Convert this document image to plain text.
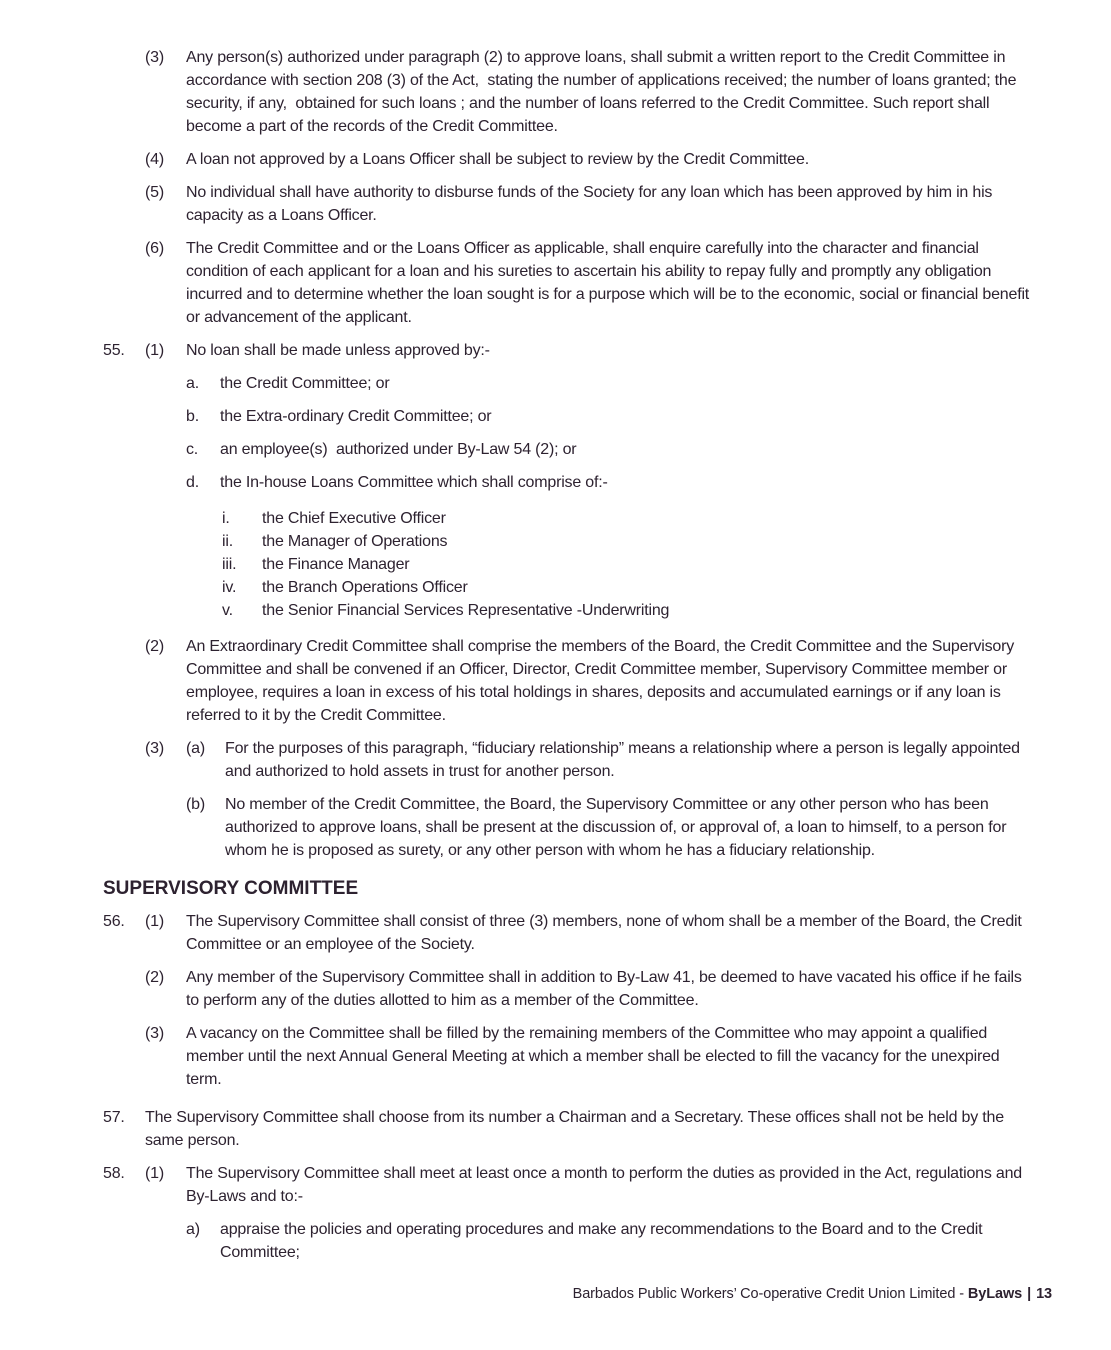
(3)	Any person(s) authorized under paragraph (2) to approve loans, shall submit a written report to the Credit Committee in accordance with section 208 (3) of the Act,  stating the number of applications received; the number of loans granted; the security, if any,  obtained for such loans ; and the number of loans referred to the Credit Committee. Such report shall become a part of the records of the Credit Committee.
(4)	A loan not approved by a Loans Officer shall be subject to review by the Credit Committee.
(5)	No individual shall have authority to disburse funds of the Society for any loan which has been approved by him in his capacity as a Loans Officer.
(6)	The Credit Committee and or the Loans Officer as applicable, shall enquire carefully into the character and financial condition of each applicant for a loan and his sureties to ascertain his ability to repay fully and promptly any obligation incurred and to determine whether the loan sought is for a purpose which will be to the economic, social or financial benefit or advancement of the applicant.
55.	(1)	No loan shall be made unless approved by:-
a.	the Credit Committee; or
b.	the Extra-ordinary Credit Committee; or
c.	an employee(s)  authorized under By-Law 54 (2); or
d.	the In-house Loans Committee which shall comprise of:-
i.	the Chief Executive Officer
ii.	the Manager of Operations
iii.	the Finance Manager
iv.	the Branch Operations Officer
v.	the Senior Financial Services Representative -Underwriting
(2)	An Extraordinary Credit Committee shall comprise the members of the Board, the Credit Committee and the Supervisory Committee and shall be convened if an Officer, Director, Credit Committee member, Supervisory Committee member or employee, requires a loan in excess of his total holdings in shares, deposits and accumulated earnings or if any loan is referred to it by the Credit Committee.
(3)	(a)	For the purposes of this paragraph, “fiduciary relationship” means a relationship where a person is legally appointed and authorized to hold assets in trust for another person.
(b)	No member of the Credit Committee, the Board, the Supervisory Committee or any other person who has been authorized to approve loans, shall be present at the discussion of, or approval of, a loan to himself, to a person for whom he is proposed as surety, or any other person with whom he has a fiduciary relationship.
SUPERVISORY COMMITTEE
56.	(1)	The Supervisory Committee shall consist of three (3) members, none of whom shall be a member of the Board, the Credit Committee or an employee of the Society.
(2)	Any member of the Supervisory Committee shall in addition to By-Law 41, be deemed to have vacated his office if he fails to perform any of the duties allotted to him as a member of the Committee.
(3)	A vacancy on the Committee shall be filled by the remaining members of the Committee who may appoint a qualified member until the next Annual General Meeting at which a member shall be elected to fill the vacancy for the unexpired term.
57.	The Supervisory Committee shall choose from its number a Chairman and a Secretary. These offices shall not be held by the same person.
58.	(1)	The Supervisory Committee shall meet at least once a month to perform the duties as provided in the Act, regulations and By-Laws and to:-
a)	appraise the policies and operating procedures and make any recommendations to the Board and to the Credit Committee;
Barbados Public Workers’ Co-operative Credit Union Limited - ByLaws | 13
